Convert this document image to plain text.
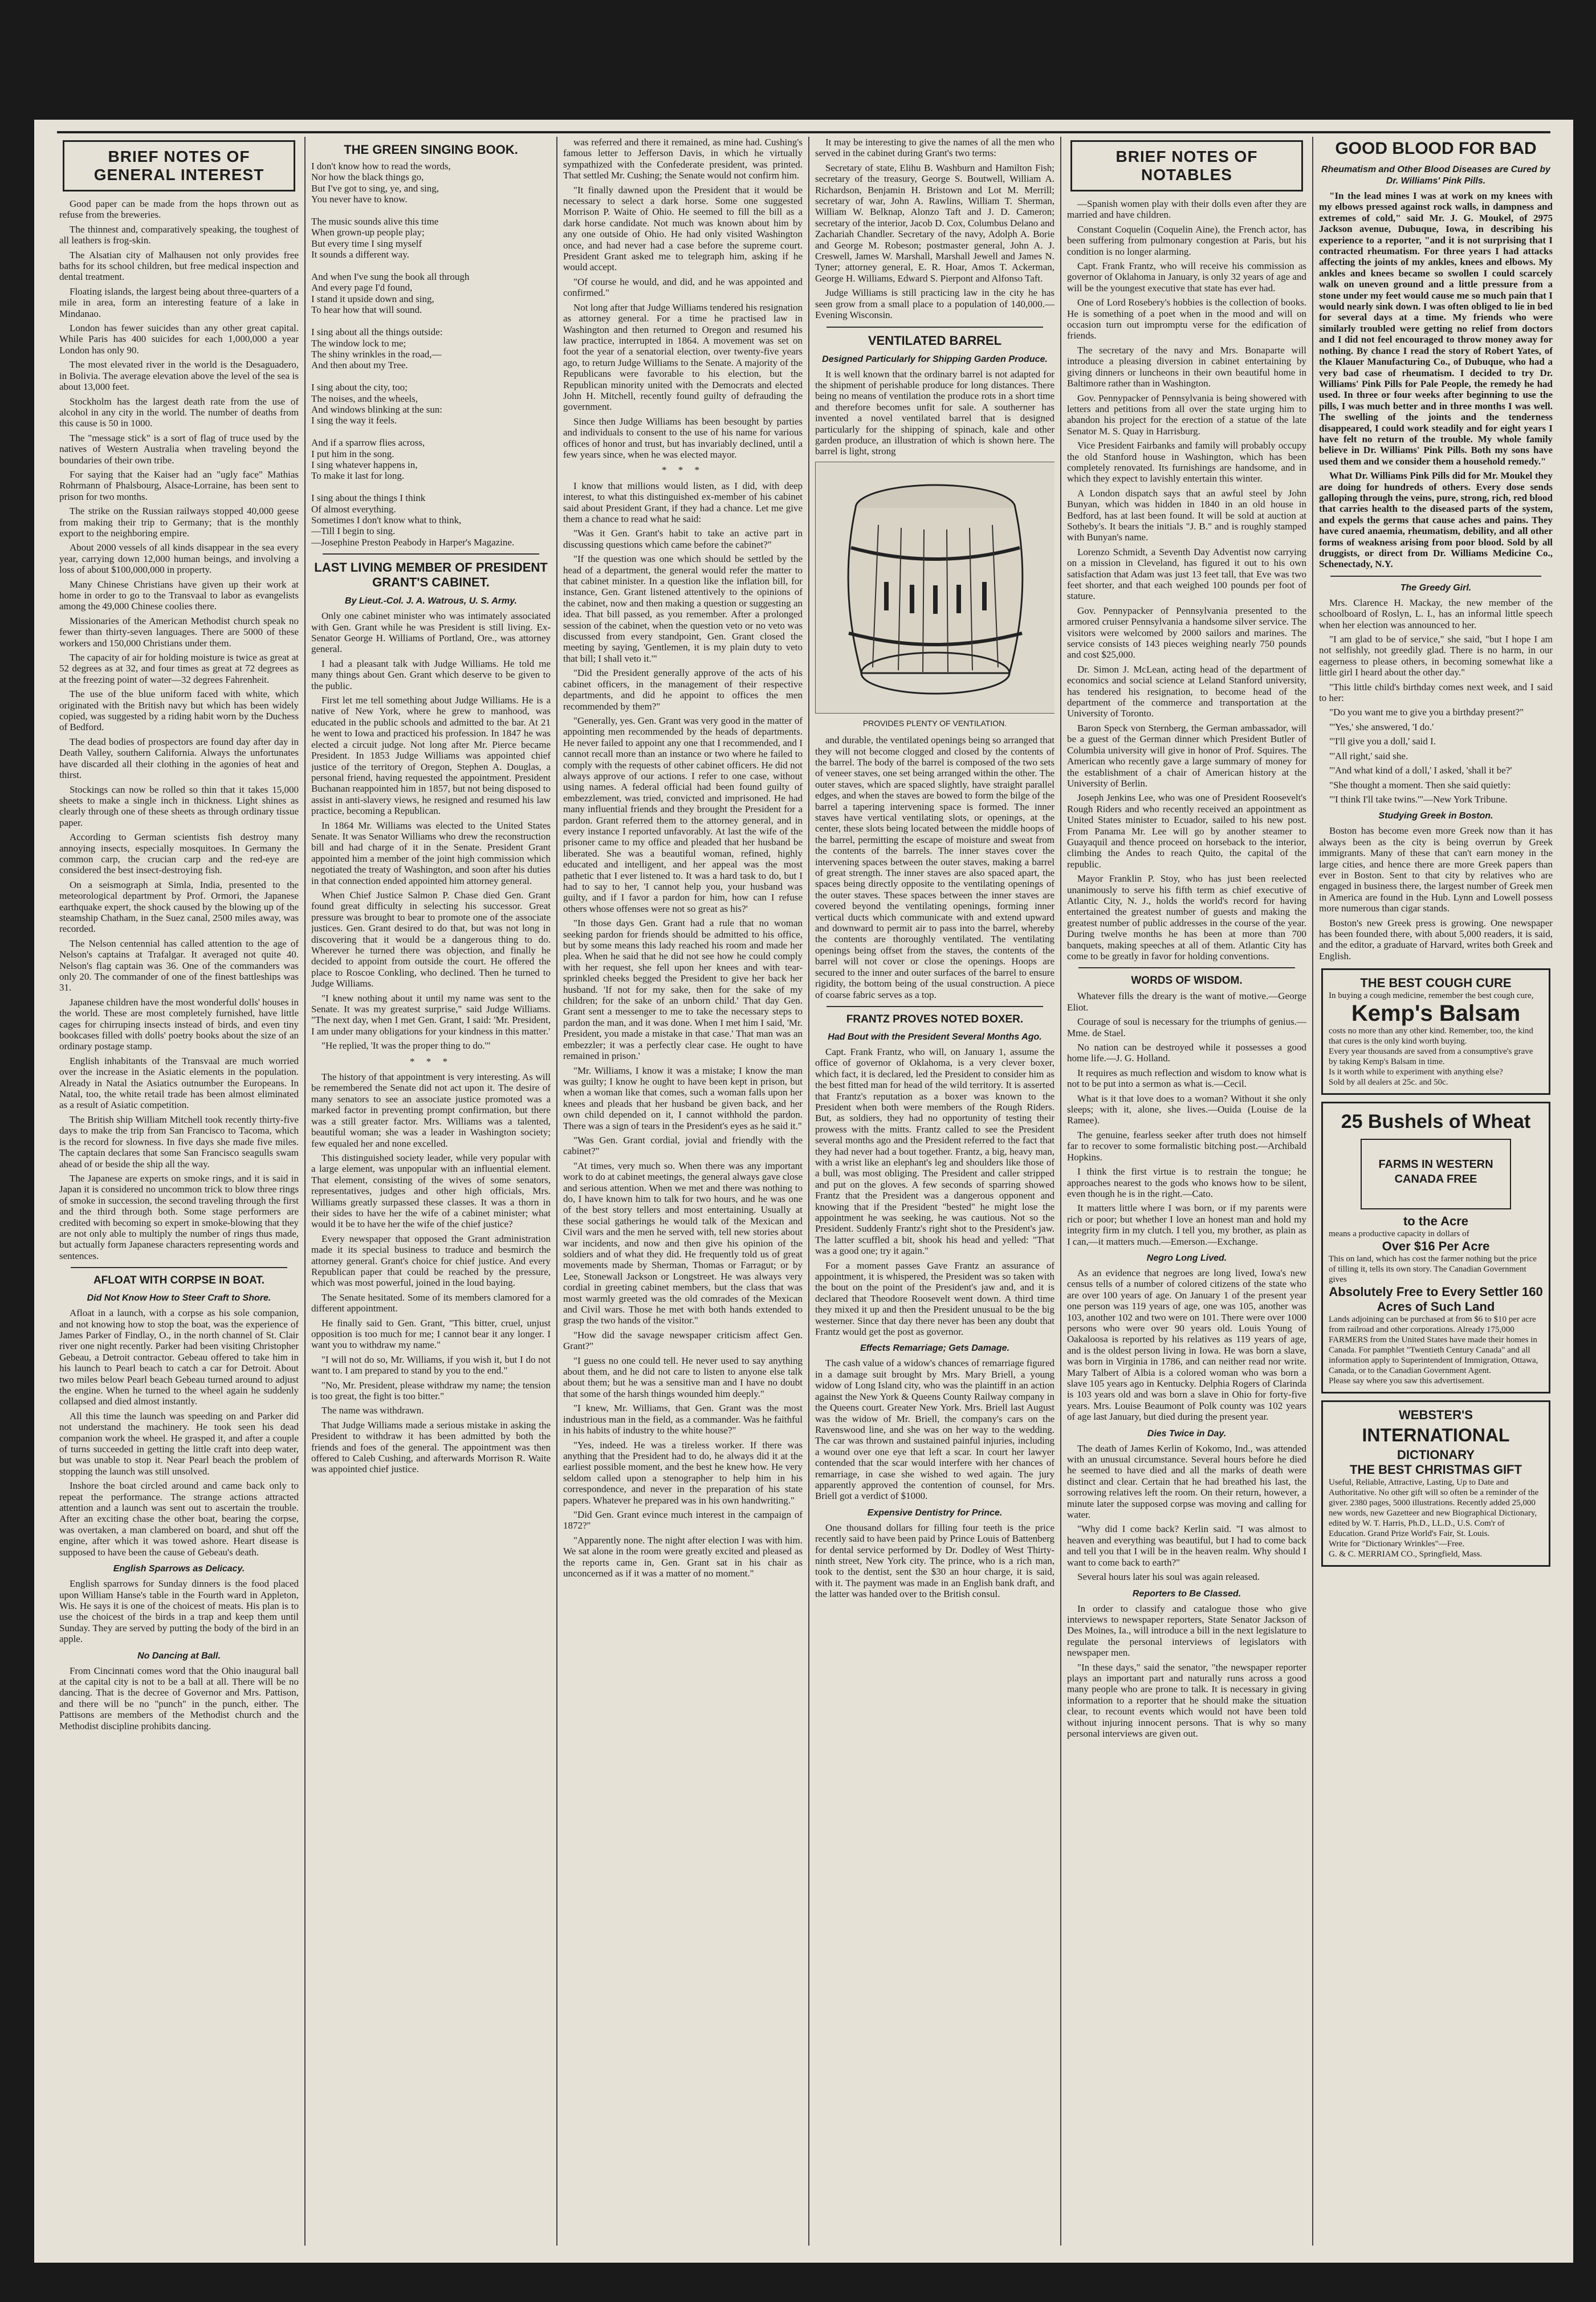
BRIEF NOTES OF GENERAL INTEREST

Good paper can be made from the hops thrown out as refuse from the breweries.

The thinnest and, comparatively speaking, the toughest of all leathers is frog-skin.

The Alsatian city of Malhausen not only provides free baths for its school children, but free medical inspection and dental treatment.

Floating islands, the largest being about three-quarters of a mile in area, form an interesting feature of a lake in Mindanao.

London has fewer suicides than any other great capital. While Paris has 400 suicides for each 1,000,000 a year London has only 90.

The most elevated river in the world is the Desaguadero, in Bolivia. The average elevation above the level of the sea is about 13,000 feet.

Stockholm has the largest death rate from the use of alcohol in any city in the world. The number of deaths from this cause is 50 in 1000.

The "message stick" is a sort of flag of truce used by the natives of Western Australia when traveling beyond the boundaries of their own tribe.

For saying that the Kaiser had an "ugly face" Mathias Rohrmann of Phalsbourg, Alsace-Lorraine, has been sent to prison for two months.

The strike on the Russian railways stopped 40,000 geese from making their trip to Germany; that is the monthly export to the neighboring empire.

About 2000 vessels of all kinds disappear in the sea every year, carrying down 12,000 human beings, and involving a loss of about $100,000,000 in property.

Many Chinese Christians have given up their work at home in order to go to the Transvaal to labor as evangelists among the 49,000 Chinese coolies there.

Missionaries of the American Methodist church speak no fewer than thirty-seven languages. There are 5000 of these workers and 150,000 Christians under them.

The capacity of air for holding moisture is twice as great at 52 degrees as at 32, and four times as great at 72 degrees as at the freezing point of water—32 degrees Fahrenheit.

The use of the blue uniform faced with white, which originated with the British navy but which has been widely copied, was suggested by a riding habit worn by the Duchess of Bedford.

The dead bodies of prospectors are found day after day in Death Valley, southern California. Always the unfortunates have discarded all their clothing in the agonies of heat and thirst.

Stockings can now be rolled so thin that it takes 15,000 sheets to make a single inch in thickness. Light shines as clearly through one of these sheets as through ordinary tissue paper.

According to German scientists fish destroy many annoying insects, especially mosquitoes. In Germany the common carp, the crucian carp and the red-eye are considered the best insect-destroying fish.

On a seismograph at Simla, India, presented to the meteorological department by Prof. Ormori, the Japanese earthquake expert, the shock caused by the blowing up of the steamship Chatham, in the Suez canal, 2500 miles away, was recorded.

The Nelson centennial has called attention to the age of Nelson's captains at Trafalgar. It averaged not quite 40. Nelson's flag captain was 36. One of the commanders was only 20. The commander of one of the finest battleships was 31.

Japanese children have the most wonderful dolls' houses in the world. These are most completely furnished, have little cages for chirruping insects instead of birds, and even tiny bookcases filled with dolls' poetry books about the size of an ordinary postage stamp.

English inhabitants of the Transvaal are much worried over the increase in the Asiatic elements in the population. Already in Natal the Asiatics outnumber the Europeans. In Natal, too, the white retail trade has been almost eliminated as a result of Asiatic competition.

The British ship William Mitchell took recently thirty-five days to make the trip from San Francisco to Tacoma, which is the record for slowness. In five days she made five miles. The captain declares that some San Francisco seagulls swam ahead of or beside the ship all the way.

The Japanese are experts on smoke rings, and it is said in Japan it is considered no uncommon trick to blow three rings of smoke in succession, the second traveling through the first and the third through both. Some stage performers are credited with becoming so expert in smoke-blowing that they are not only able to multiply the number of rings thus made, but actually form Japanese characters representing words and sentences.

AFLOAT WITH CORPSE IN BOAT.
Did Not Know How to Steer Craft to Shore.

Afloat in a launch, with a corpse as his sole companion, and not knowing how to stop the boat, was the experience of James Parker of Findlay, O., in the north channel of St. Clair river one night recently. Parker had been visiting Christopher Gebeau, a Detroit contractor. Gebeau offered to take him in his launch to Pearl beach to catch a car for Detroit. About two miles below Pearl beach Gebeau turned around to adjust the engine. When he turned to the wheel again he suddenly collapsed and died almost instantly.

All this time the launch was speeding on and Parker did not understand the machinery. He took seen his dead companion work the wheel. He grasped it, and after a couple of turns succeeded in getting the little craft into deep water, but was unable to stop it. Near Pearl beach the problem of stopping the launch was still unsolved.

Inshore the boat circled around and came back only to repeat the performance. The strange actions attracted attention and a launch was sent out to ascertain the trouble. After an exciting chase the other boat, bearing the corpse, was overtaken, a man clambered on board, and shut off the engine, after which it was towed ashore. Heart disease is supposed to have been the cause of Gebeau's death.

English Sparrows as Delicacy.

English sparrows for Sunday dinners is the food placed upon William Hanse's table in the Fourth ward in Appleton, Wis. He says it is one of the choicest of meats. His plan is to use the choicest of the birds in a trap and keep them until Sunday. They are served by putting the body of the bird in an apple.

No Dancing at Ball.

From Cincinnati comes word that the Ohio inaugural ball at the capital city is not to be a ball at all. There will be no dancing. That is the decree of Governor and Mrs. Pattison, and there will be no "punch" in the punch, either. The Pattisons are members of the Methodist church and the Methodist discipline prohibits dancing.

THE GREEN SINGING BOOK.

I don't know how to read the words,

Nor how the black things go,

But I've got to sing, ye, and sing,

You never have to know.

The music sounds alive this time

When grown-up people play;

But every time I sing myself

It sounds a different way.

And when I've sung the book all through

And every page I'd found,

I stand it upside down and sing,

To hear how that will sound.

I sing about all the things outside:

The window lock to me;

The shiny wrinkles in the road,—

And then about my Tree.

I sing about the city, too;

The noises, and the wheels,

And windows blinking at the sun:

I sing the way it feels.

And if a sparrow flies across,

I put him in the song.

I sing whatever happens in,

To make it last for long.

I sing about the things I think

Of almost everything.

Sometimes I don't know what to think,

—Till I begin to sing.

—Josephine Preston Peabody in Harper's Magazine.

LAST LIVING MEMBER OF PRESIDENT GRANT'S CABINET.
By Lieut.-Col. J. A. Watrous, U. S. Army.

Only one cabinet minister who was intimately associated with Gen. Grant while he was President is still living. Ex-Senator George H. Williams of Portland, Ore., was attorney general.

I had a pleasant talk with Judge Williams. He told me many things about Gen. Grant which deserve to be given to the public.

First let me tell something about Judge Williams. He is a native of New York, where he grew to manhood, was educated in the public schools and admitted to the bar. At 21 he went to Iowa and practiced his profession. In 1847 he was elected a circuit judge. Not long after Mr. Pierce became President. In 1853 Judge Williams was appointed chief justice of the territory of Oregon, Stephen A. Douglas, a personal friend, having requested the appointment. President Buchanan reappointed him in 1857, but not being disposed to assist in anti-slavery views, he resigned and resumed his law practice, becoming a Republican.

In 1864 Mr. Williams was elected to the United States Senate. It was Senator Williams who drew the reconstruction bill and had charge of it in the Senate. President Grant appointed him a member of the joint high commission which negotiated the treaty of Washington, and soon after his duties in that connection ended appointed him attorney general.

When Chief Justice Salmon P. Chase died Gen. Grant found great difficulty in selecting his successor. Great pressure was brought to bear to promote one of the associate justices. Gen. Grant desired to do that, but was not long in discovering that it would be a dangerous thing to do. Wherever he turned there was objection, and finally he decided to appoint from outside the court. He offered the place to Roscoe Conkling, who declined. Then he turned to Judge Williams.

"I knew nothing about it until my name was sent to the Senate. It was my greatest surprise," said Judge Williams. "The next day, when I met Gen. Grant, I said: 'Mr. President, I am under many obligations for your kindness in this matter.'

"He replied, 'It was the proper thing to do.'"

* * *

The history of that appointment is very interesting. As will be remembered the Senate did not act upon it. The desire of many senators to see an associate justice promoted was a marked factor in preventing prompt confirmation, but there was a still greater factor. Mrs. Williams was a talented, beautiful woman; she was a leader in Washington society; few equaled her and none excelled.

This distinguished society leader, while very popular with a large element, was unpopular with an influential element. That element, consisting of the wives of some senators, representatives, judges and other high officials, Mrs. Williams greatly surpassed these classes. It was a thorn in their sides to have her the wife of a cabinet minister; what would it be to have her the wife of the chief justice?

Every newspaper that opposed the Grant administration made it its special business to traduce and besmirch the attorney general. Grant's choice for chief justice. And every Republican paper that could be reached by the pressure, which was most powerful, joined in the loud baying.

The Senate hesitated. Some of its members clamored for a different appointment.

He finally said to Gen. Grant, "This bitter, cruel, unjust opposition is too much for me; I cannot bear it any longer. I want you to withdraw my name."

"I will not do so, Mr. Williams, if you wish it, but I do not want to. I am prepared to stand by you to the end."

"No, Mr. President, please withdraw my name; the tension is too great, the fight is too bitter."

The name was withdrawn.

That Judge Williams made a serious mistake in asking the President to withdraw it has been admitted by both the friends and foes of the general. The appointment was then offered to Caleb Cushing, and afterwards Morrison R. Waite was appointed chief justice.

was referred and there it remained, as mine had. Cushing's famous letter to Jefferson Davis, in which he virtually sympathized with the Confederate president, was printed. That settled Mr. Cushing; the Senate would not confirm him.

"It finally dawned upon the President that it would be necessary to select a dark horse. Some one suggested Morrison P. Waite of Ohio. He seemed to fill the bill as a dark horse candidate. Not much was known about him by any one outside of Ohio. He had only visited Washington once, and had never had a case before the supreme court. President Grant asked me to telegraph him, asking if he would accept.

"Of course he would, and did, and he was appointed and confirmed."

Not long after that Judge Williams tendered his resignation as attorney general. For a time he practised law in Washington and then returned to Oregon and resumed his law practice, interrupted in 1864. A movement was set on foot the year of a senatorial election, over twenty-five years ago, to return Judge Williams to the Senate. A majority of the Republicans were favorable to his election, but the Republican minority united with the Democrats and elected John H. Mitchell, recently found guilty of defrauding the government.

Since then Judge Williams has been besought by parties and individuals to consent to the use of his name for various offices of honor and trust, but has invariably declined, until a few years since, when he was elected mayor.

* * *

I know that millions would listen, as I did, with deep interest, to what this distinguished ex-member of his cabinet said about President Grant, if they had a chance. Let me give them a chance to read what he said:

"Was it Gen. Grant's habit to take an active part in discussing questions which came before the cabinet?"

"If the question was one which should be settled by the head of a department, the general would refer the matter to that cabinet minister. In a question like the inflation bill, for instance, Gen. Grant listened attentively to the opinions of the cabinet, now and then making a question or suggesting an idea. That bill passed, as you remember. After a prolonged session of the cabinet, when the question veto or no veto was discussed from every standpoint, Gen. Grant closed the meeting by saying, 'Gentlemen, it is my plain duty to veto that bill; I shall veto it.'"

"Did the President generally approve of the acts of his cabinet officers, in the management of their respective departments, and did he appoint to offices the men recommended by them?"

"Generally, yes. Gen. Grant was very good in the matter of appointing men recommended by the heads of departments. He never failed to appoint any one that I recommended, and I cannot recall more than an instance or two where he failed to comply with the requests of other cabinet officers. He did not always approve of our actions. I refer to one case, without using names. A federal official had been found guilty of embezzlement, was tried, convicted and imprisoned. He had many influential friends and they brought the President for a pardon. Grant referred them to the attorney general, and in every instance I reported unfavorably. At last the wife of the prisoner came to my office and pleaded that her husband be liberated. She was a beautiful woman, refined, highly educated and intelligent, and her appeal was the most pathetic that I ever listened to. It was a hard task to do, but I had to say to her, 'I cannot help you, your husband was guilty, and if I favor a pardon for him, how can I refuse others whose offenses were not so great as his?'

"In those days Gen. Grant had a rule that no woman seeking pardon for friends should be admitted to his office, but by some means this lady reached his room and made her plea. When he said that he did not see how he could comply with her request, she fell upon her knees and with tear-sprinkled cheeks begged the President to give her back her husband. 'If not for my sake, then for the sake of my children; for the sake of an unborn child.' That day Gen. Grant sent a messenger to me to take the necessary steps to pardon the man, and it was done. When I met him I said, 'Mr. President, you made a mistake in that case.' That man was an embezzler; it was a perfectly clear case. He ought to have remained in prison.'

"Mr. Williams, I know it was a mistake; I know the man was guilty; I know he ought to have been kept in prison, but when a woman like that comes, such a woman falls upon her knees and pleads that her husband be given back, and her own child depended on it, I cannot withhold the pardon. There was a sign of tears in the President's eyes as he said it."

"Was Gen. Grant cordial, jovial and friendly with the cabinet?"

"At times, very much so. When there was any important work to do at cabinet meetings, the general always gave close and serious attention. When we met and there was nothing to do, I have known him to talk for two hours, and he was one of the best story tellers and most entertaining. Usually at these social gatherings he would talk of the Mexican and Civil wars and the men he served with, tell new stories about war incidents, and now and then give his opinion of the soldiers and of what they did. He frequently told us of great movements made by Sherman, Thomas or Farragut; or by Lee, Stonewall Jackson or Longstreet. He was always very cordial in greeting cabinet members, but the class that was most warmly greeted was the old comrades of the Mexican and Civil wars. Those he met with both hands extended to grasp the two hands of the visitor."

"How did the savage newspaper criticism affect Gen. Grant?"

"I guess no one could tell. He never used to say anything about them, and he did not care to listen to anyone else talk about them; but he was a sensitive man and I have no doubt that some of the harsh things wounded him deeply."

"I knew, Mr. Williams, that Gen. Grant was the most industrious man in the field, as a commander. Was he faithful in his habits of industry to the white house?"

"Yes, indeed. He was a tireless worker. If there was anything that the President had to do, he always did it at the earliest possible moment, and the best he knew how. He very seldom called upon a stenographer to help him in his correspondence, and never in the preparation of his state papers. Whatever he prepared was in his own handwriting."

"Did Gen. Grant evince much interest in the campaign of 1872?"

"Apparently none. The night after election I was with him. We sat alone in the room were greatly excited and pleased as the reports came in, Gen. Grant sat in his chair as unconcerned as if it was a matter of no moment."

It may be interesting to give the names of all the men who served in the cabinet during Grant's two terms:

Secretary of state, Elihu B. Washburn and Hamilton Fish; secretary of the treasury, George S. Boutwell, William A. Richardson, Benjamin H. Bristown and Lot M. Merrill; secretary of war, John A. Rawlins, William T. Sherman, William W. Belknap, Alonzo Taft and J. D. Cameron; secretary of the interior, Jacob D. Cox, Columbus Delano and Zachariah Chandler. Secretary of the navy, Adolph A. Borie and George M. Robeson; postmaster general, John A. J. Creswell, James W. Marshall, Marshall Jewell and James N. Tyner; attorney general, E. R. Hoar, Amos T. Ackerman, George H. Williams, Edward S. Pierpont and Alfonso Taft.

Judge Williams is still practicing law in the city he has seen grow from a small place to a population of 140,000.—Evening Wisconsin.

VENTILATED BARREL
Designed Particularly for Shipping Garden Produce.

It is well known that the ordinary barrel is not adapted for the shipment of perishable produce for long distances. There being no means of ventilation the produce rots in a short time and therefore becomes unfit for sale. A southerner has invented a novel ventilated barrel that is designed particularly for the shipping of spinach, kale and other garden produce, an illustration of which is shown here. The barrel is light, strong

PROVIDES PLENTY OF VENTILATION.

and durable, the ventilated openings being so arranged that they will not become clogged and closed by the contents of the barrel. The body of the barrel is composed of the two sets of veneer staves, one set being arranged within the other. The outer staves, which are spaced slightly, have straight parallel edges, and when the staves are bowed to form the bilge of the barrel a tapering intervening space is formed. The inner staves have vertical ventilating slots, or openings, at the center, these slots being located between the middle hoops of the barrel, permitting the escape of moisture and sweat from the contents of the barrels. The inner staves cover the intervening spaces between the outer staves, making a barrel of great strength. The inner staves are also spaced apart, the spaces being directly opposite to the ventilating openings of the outer staves. These spaces between the inner staves are covered beyond the ventilating openings, forming inner vertical ducts which communicate with and extend upward and downward to permit air to pass into the barrel, whereby the contents are thoroughly ventilated. The ventilating openings being offset from the staves, the contents of the barrel will not cover or close the openings. Hoops are secured to the inner and outer surfaces of the barrel to ensure rigidity, the bottom being of the usual construction. A piece of coarse fabric serves as a top.

FRANTZ PROVES NOTED BOXER.
Had Bout with the President Several Months Ago.

Capt. Frank Frantz, who will, on January 1, assume the office of governor of Oklahoma, is a very clever boxer, which fact, it is declared, led the President to consider him as the best fitted man for head of the wild territory. It is asserted that Frantz's reputation as a boxer was known to the President when both were members of the Rough Riders. But, as soldiers, they had no opportunity of testing their prowess with the mitts. Frantz called to see the President several months ago and the President referred to the fact that they had never had a bout together. Frantz, a big, heavy man, with a wrist like an elephant's leg and shoulders like those of a bull, was most obliging. The President and caller stripped and put on the gloves. A few seconds of sparring showed Frantz that the President was a dangerous opponent and knowing that if the President "bested" he might lose the appointment he was seeking, he was cautious. Not so the President. Suddenly Frantz's right shot to the President's jaw. The latter scuffled a bit, shook his head and yelled: "That was a good one; try it again."

For a moment passes Gave Frantz an assurance of appointment, it is whispered, the President was so taken with the bout on the point of the President's jaw and, and it is declared that Theodore Roosevelt went down. A third time they mixed it up and then the President unusual to be the big westerner. Since that day there never has been any doubt that Frantz would get the post as governor.

Effects Remarriage; Gets Damage.

The cash value of a widow's chances of remarriage figured in a damage suit brought by Mrs. Mary Briell, a young widow of Long Island city, who was the plaintiff in an action against the New York & Queens County Railway company in the Queens court. Greater New York. Mrs. Briell last August was the widow of Mr. Briell, the company's cars on the Ravenswood line, and she was on her way to the wedding. The car was thrown and sustained painful injuries, including a wound over one eye that left a scar. In court her lawyer contended that the scar would interfere with her chances of remarriage, in case she wished to wed again. The jury apparently approved the contention of counsel, for Mrs. Briell got a verdict of $1000.

Expensive Dentistry for Prince.

One thousand dollars for filling four teeth is the price recently said to have been paid by Prince Louis of Battenberg for dental service performed by Dr. Dodley of West Thirty-ninth street, New York city. The prince, who is a rich man, took to the dentist, sent the $30 an hour charge, it is said, with it. The payment was made in an English bank draft, and the latter was handed over to the British consul.

BRIEF NOTES OF NOTABLES

—Spanish women play with their dolls even after they are married and have children.

Constant Coquelin (Coquelin Aine), the French actor, has been suffering from pulmonary congestion at Paris, but his condition is no longer alarming.

Capt. Frank Frantz, who will receive his commission as governor of Oklahoma in January, is only 32 years of age and will be the youngest executive that state has ever had.

One of Lord Rosebery's hobbies is the collection of books. He is something of a poet when in the mood and will on occasion turn out impromptu verse for the edification of friends.

The secretary of the navy and Mrs. Bonaparte will introduce a pleasing diversion in cabinet entertaining by giving dinners or luncheons in their own beautiful home in Baltimore rather than in Washington.

Gov. Pennypacker of Pennsylvania is being showered with letters and petitions from all over the state urging him to abandon his project for the erection of a statue of the late Senator M. S. Quay in Harrisburg.

Vice President Fairbanks and family will probably occupy the old Stanford house in Washington, which has been completely renovated. Its furnishings are handsome, and in which they expect to lavishly entertain this winter.

A London dispatch says that an awful steel by John Bunyan, which was hidden in 1840 in an old house in Bedford, has at last been found. It will be sold at auction at Sotheby's. It bears the initials "J. B." and is roughly stamped with Bunyan's name.

Lorenzo Schmidt, a Seventh Day Adventist now carrying on a mission in Cleveland, has figured it out to his own satisfaction that Adam was just 13 feet tall, that Eve was two feet shorter, and that each weighed 100 pounds per foot of stature.

Gov. Pennypacker of Pennsylvania presented to the armored cruiser Pennsylvania a handsome silver service. The visitors were welcomed by 2000 sailors and marines. The service consists of 143 pieces weighing nearly 750 pounds and cost $25,000.

Dr. Simon J. McLean, acting head of the department of economics and social science at Leland Stanford university, has tendered his resignation, to become head of the department of the commerce and transportation at the University of Toronto.

Baron Speck von Sternberg, the German ambassador, will be a guest of the German dinner which President Butler of Columbia university will give in honor of Prof. Squires. The American who recently gave a large summary of money for the establishment of a chair of American history at the University of Berlin.

Joseph Jenkins Lee, who was one of President Roosevelt's Rough Riders and who recently received an appointment as United States minister to Ecuador, sailed to his new post. From Panama Mr. Lee will go by another steamer to Guayaquil and thence proceed on horseback to the interior, climbing the Andes to reach Quito, the capital of the republic.

Mayor Franklin P. Stoy, who has just been reelected unanimously to serve his fifth term as chief executive of Atlantic City, N. J., holds the world's record for having entertained the greatest number of guests and making the greatest number of public addresses in the course of the year. During twelve months he has been at more than 700 banquets, making speeches at all of them. Atlantic City has come to be greatly in favor for holding conventions.

WORDS OF WISDOM.

Whatever fills the dreary is the want of motive.—George Eliot.

Courage of soul is necessary for the triumphs of genius.—Mme. de Stael.

No nation can be destroyed while it possesses a good home life.—J. G. Holland.

It requires as much reflection and wisdom to know what is not to be put into a sermon as what is.—Cecil.

What is it that love does to a woman? Without it she only sleeps; with it, alone, she lives.—Ouida (Louise de la Ramee).

The genuine, fearless seeker after truth does not himself far to recover to some formalistic bitching post.—Archibald Hopkins.

I think the first virtue is to restrain the tongue; he approaches nearest to the gods who knows how to be silent, even though he is in the right.—Cato.

It matters little where I was born, or if my parents were rich or poor; but whether I love an honest man and hold my integrity firm in my clutch. I tell you, my brother, as plain as I can,—it matters much.—Emerson.—Exchange.

Negro Long Lived.

As an evidence that negroes are long lived, Iowa's new census tells of a number of colored citizens of the state who are over 100 years of age. On January 1 of the present year one person was 119 years of age, one was 105, another was 103, another 102 and two were on 101. There were over 1000 persons who were over 90 years old. Louis Young of Oakaloosa is reported by his relatives as 119 years of age, and is the oldest person living in Iowa. He was born a slave, was born in Virginia in 1786, and can neither read nor write. Mary Talbert of Albia is a colored woman who was born a slave 105 years ago in Kentucky. Delphia Rogers of Clarinda is 103 years old and was born a slave in Ohio for forty-five years. Mrs. Louise Beaumont of Polk county was 102 years of age last January, but died during the present year.

Dies Twice in Day.

The death of James Kerlin of Kokomo, Ind., was attended with an unusual circumstance. Several hours before he died he seemed to have died and all the marks of death were distinct and clear. Certain that he had breathed his last, the sorrowing relatives left the room. On their return, however, a minute later the supposed corpse was moving and calling for water.

"Why did I come back? Kerlin said. "I was almost to heaven and everything was beautiful, but I had to come back and tell you that I will be in the heaven realm. Why should I want to come back to earth?"

Several hours later his soul was again released.

Reporters to Be Classed.

In order to classify and catalogue those who give interviews to newspaper reporters, State Senator Jackson of Des Moines, Ia., will introduce a bill in the next legislature to regulate the personal interviews of legislators with newspaper men.

"In these days," said the senator, "the newspaper reporter plays an important part and naturally runs across a good many people who are prone to talk. It is necessary in giving information to a reporter that he should make the situation clear, to recount events which would not have been told without injuring innocent persons. That is why so many personal interviews are given out.

GOOD BLOOD FOR BAD
Rheumatism and Other Blood Diseases are Cured by Dr. Williams' Pink Pills.

"In the lead mines I was at work on my knees with my elbows pressed against rock walls, in dampness and extremes of cold," said Mr. J. G. Moukel, of 2975 Jackson avenue, Dubuque, Iowa, in describing his experience to a reporter, "and it is not surprising that I contracted rheumatism. For three years I had attacks affecting the joints of my ankles, knees and elbows. My ankles and knees became so swollen I could scarcely walk on uneven ground and a little pressure from a stone under my feet would cause me so much pain that I would nearly sink down. I was often obliged to lie in bed for several days at a time. My friends who were similarly troubled were getting no relief from doctors and I did not feel encouraged to throw money away for nothing. By chance I read the story of Robert Yates, of the Klauer Manufacturing Co., of Dubuque, who had a very bad case of rheumatism. I decided to try Dr. Williams' Pink Pills for Pale People, the remedy he had used. In three or four weeks after beginning to use the pills, I was much better and in three months I was well. The swelling of the joints and the tenderness disappeared, I could work steadily and for eight years I have felt no return of the trouble. My whole family believe in Dr. Williams' Pink Pills. Both my sons have used them and we consider them a household remedy."

What Dr. Williams Pink Pills did for Mr. Moukel they are doing for hundreds of others. Every dose sends galloping through the veins, pure, strong, rich, red blood that carries health to the diseased parts of the system, and expels the germs that cause aches and pains. They have cured anaemia, rheumatism, debility, and all other forms of weakness arising from poor blood. Sold by all druggists, or direct from Dr. Williams Medicine Co., Schenectady, N.Y.

The Greedy Girl.

Mrs. Clarence H. Mackay, the new member of the schoolboard of Roslyn, L. I., has an informal little speech when her election was announced to her.

"I am glad to be of service," she said, "but I hope I am not selfishly, not greedily glad. There is no harm, in our eagerness to please others, in becoming somewhat like a little girl I heard about the other day."

"This little child's birthday comes next week, and I said to her:

"Do you want me to give you a birthday present?"

"'Yes,' she answered, 'I do.'

"'I'll give you a doll,' said I.

"'All right,' said she.

"'And what kind of a doll,' I asked, 'shall it be?'

"She thought a moment. Then she said quietly:

"'I think I'll take twins.'"—New York Tribune.

Studying Greek in Boston.

Boston has become even more Greek now than it has always been as the city is being overrun by Greek immigrants. Many of these that can't earn money in the large cities, and hence there are more Greek papers than ever in Boston. Sent to that city by relatives who are engaged in business there, the largest number of Greek men in America are found in the Hub. Lynn and Lowell possess more numerous than cigar stands.

Boston's new Greek press is growing. One newspaper has been founded there, with about 5,000 readers, it is said, and the editor, a graduate of Harvard, writes both Greek and English.

THE BEST COUGH CURE
In buying a cough medicine, remember the best cough cure,
Kemp's Balsam
costs no more than any other kind. Remember, too, the kind that cures is the only kind worth buying.
Every year thousands are saved from a consumptive's grave by taking Kemp's Balsam in time.
Is it worth while to experiment with anything else?
Sold by all dealers at 25c. and 50c.
25 Bushels of Wheat
FARMS IN WESTERN CANADA FREE
to the Acre
means a productive capacity in dollars of
Over $16 Per Acre
This on land, which has cost the farmer nothing but the price of tilling it, tells its own story. The Canadian Government gives
Absolutely Free to Every Settler 160 Acres of Such Land
Lands adjoining can be purchased at from $6 to $10 per acre from railroad and other corporations. Already 175,000 FARMERS from the United States have made their homes in Canada. For pamphlet "Twentieth Century Canada" and all information apply to Superintendent of Immigration, Ottawa, Canada, or to the Canadian Government Agent.
Please say where you saw this advertisement.
WEBSTER'S
INTERNATIONAL
DICTIONARY
THE BEST CHRISTMAS GIFT
Useful, Reliable, Attractive, Lasting, Up to Date and Authoritative. No other gift will so often be a reminder of the giver. 2380 pages, 5000 illustrations. Recently added 25,000 new words, new Gazetteer and new Biographical Dictionary, edited by W. T. Harris, Ph.D., LL.D., U.S. Com'r of Education. Grand Prize World's Fair, St. Louis.
Write for "Dictionary Wrinkles"—Free.
G. & C. MERRIAM CO., Springfield, Mass.
